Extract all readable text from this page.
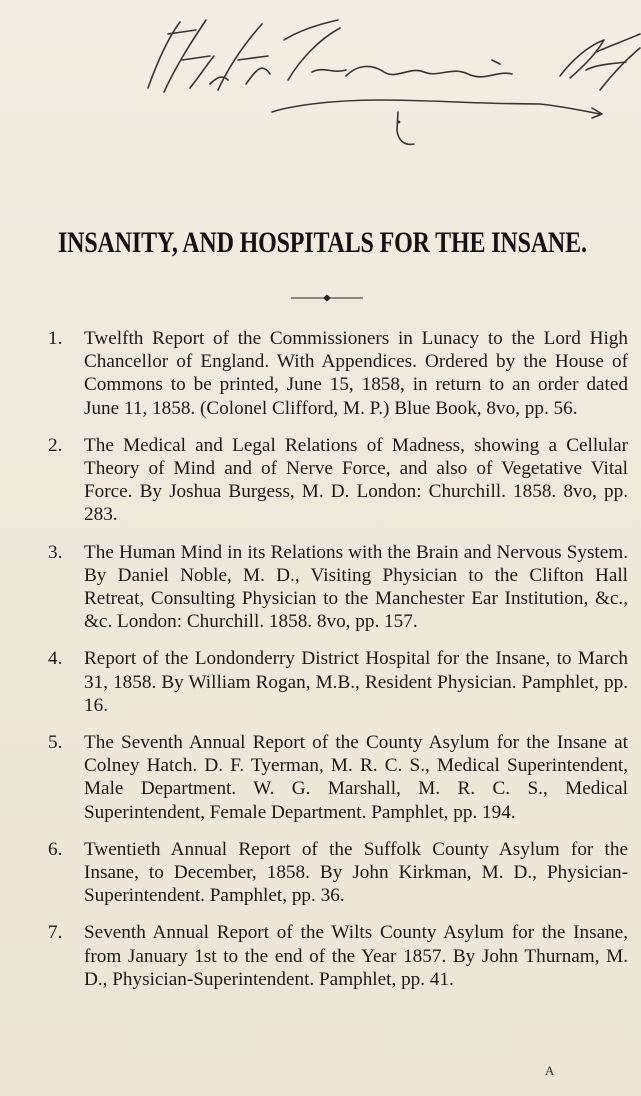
INSANITY, AND HOSPITALS FOR THE INSANE.
1. Twelfth Report of the Commissioners in Lunacy to the Lord High Chancellor of England. With Appendices. Ordered by the House of Commons to be printed, June 15, 1858, in return to an order dated June 11, 1858. (Colonel Clifford, M. P.) Blue Book, 8vo, pp. 56.
2. The Medical and Legal Relations of Madness, showing a Cellular Theory of Mind and of Nerve Force, and also of Vegetative Vital Force. By Joshua Burgess, M. D. London: Churchill. 1858. 8vo, pp. 283.
3. The Human Mind in its Relations with the Brain and Nervous System. By Daniel Noble, M. D., Visiting Physician to the Clifton Hall Retreat, Consulting Physician to the Manchester Ear Institution, &c., &c. London: Churchill. 1858. 8vo, pp. 157.
4. Report of the Londonderry District Hospital for the Insane, to March 31, 1858. By William Rogan, M.B., Resident Physician. Pamphlet, pp. 16.
5. The Seventh Annual Report of the County Asylum for the Insane at Colney Hatch. D. F. Tyerman, M. R. C. S., Medical Superintendent, Male Department. W. G. Marshall, M. R. C. S., Medical Superintendent, Female Department. Pamphlet, pp. 194.
6. Twentieth Annual Report of the Suffolk County Asylum for the Insane, to December, 1858. By John Kirkman, M. D., Physician-Superintendent. Pamphlet, pp. 36.
7. Seventh Annual Report of the Wilts County Asylum for the Insane, from January 1st to the end of the Year 1857. By John Thurnam, M. D., Physician-Superintendent. Pamphlet, pp. 41.
A
